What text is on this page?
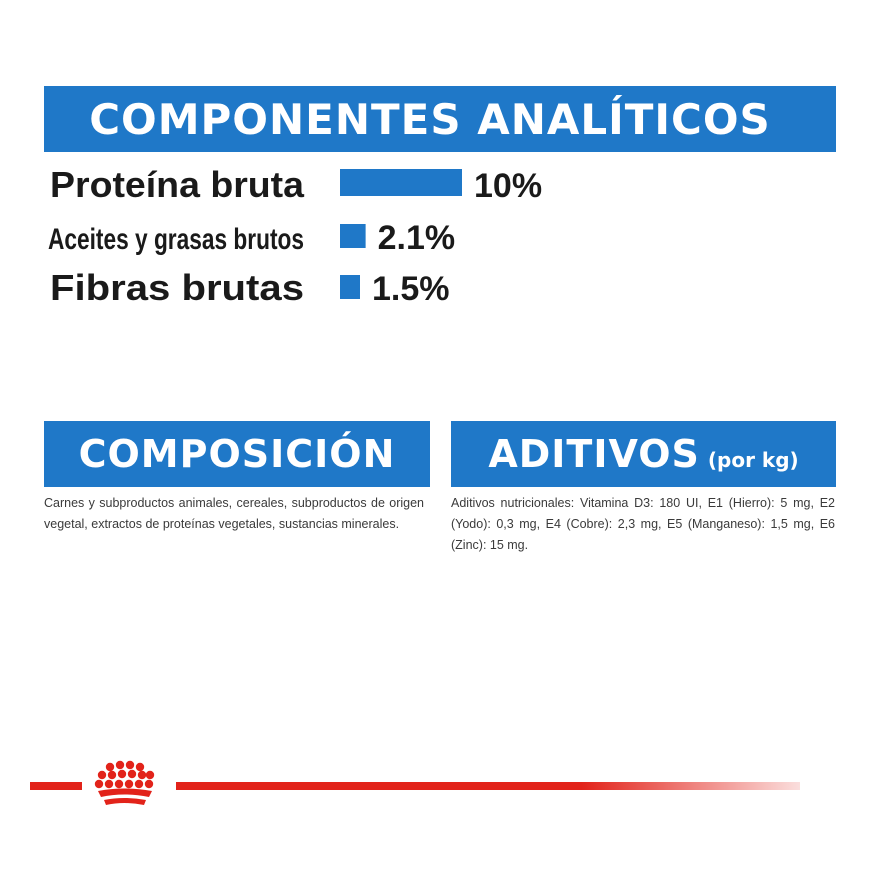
COMPONENTES ANALÍTICOS
Proteína bruta	10%
Aceites y grasas brutos 2.1%
Fibras brutas 1.5%
COMPOSICIÓN ADITIVOS (por kg)

Carnes y subproductos animales, cereales, subproductos de origen vegetal, extractos de proteínas vegetales, sustancias minerales.

Aditivos nutricionales: Vitamina D3: 180 UI, E1 (Hierro): 5 mg, E2 (Yodo): 0,3 mg, E4 (Cobre): 2,3 mg, E5 (Manganeso): 1,5 mg, E6 (Zinc): 15 mg.
